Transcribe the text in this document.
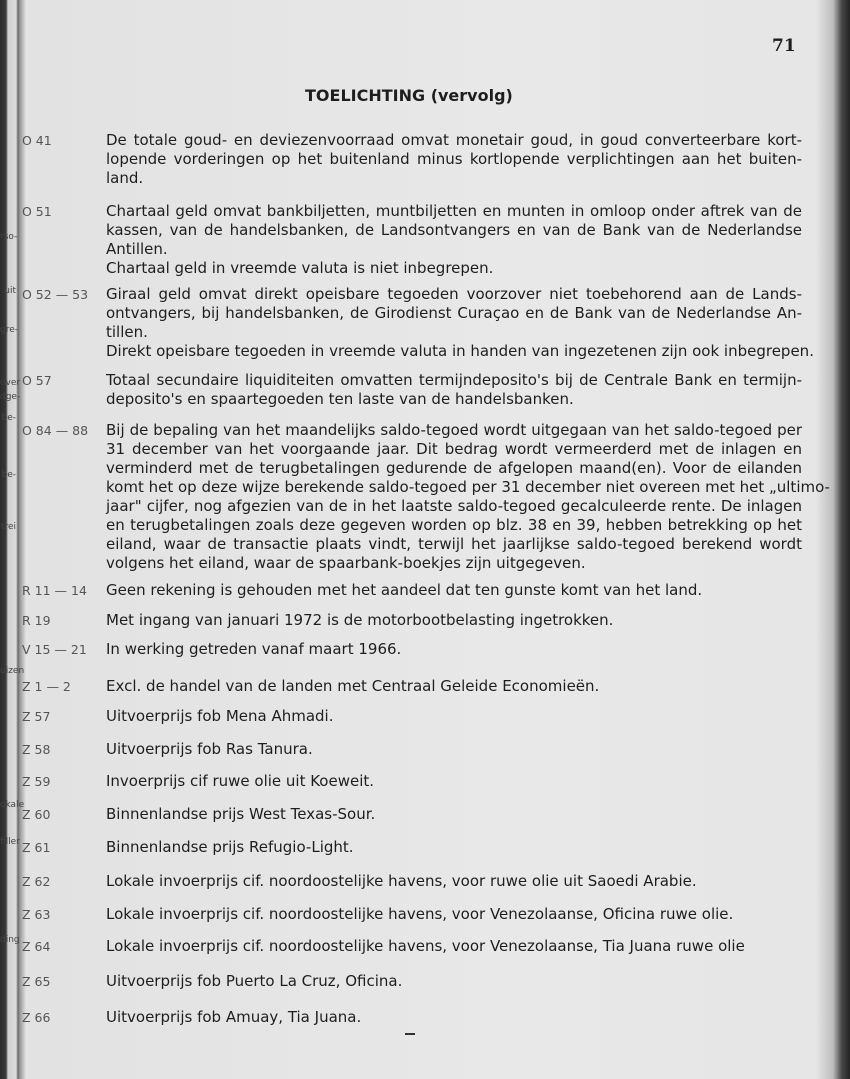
71
TOELICHTING (vervolg)
O 41	De totale goud- en deviezenvoorraad omvat monetair goud, in goud converteerbare kort-
lopende vorderingen op het buitenland minus kortlopende verplichtingen aan het buiten-
land.
O 51	Chartaal geld omvat bankbiljetten, muntbiljetten en munten in omloop onder aftrek van de
kassen, van de handelsbanken, de Landsontvangers en van de Bank van de Nederlandse
Antillen.
Chartaal geld in vreemde valuta is niet inbegrepen.
O 52 — 53	Giraal geld omvat direkt opeisbare tegoeden voorzover niet toebehorend aan de Lands-
ontvangers, bij handelsbanken, de Girodienst Curaçao en de Bank van de Nederlandse An-
tillen.
Direkt opeisbare tegoeden in vreemde valuta in handen van ingezetenen zijn ook inbegrepen.
O 57	Totaal secundaire liquiditeiten omvatten termijndeposito's bij de Centrale Bank en termijn-
deposito's en spaartegoeden ten laste van de handelsbanken.
O 84 — 88	Bij de bepaling van het maandelijks saldo-tegoed wordt uitgegaan van het saldo-tegoed per
31 december van het voorgaande jaar. Dit bedrag wordt vermeerderd met de inlagen en
verminderd met de terugbetalingen gedurende de afgelopen maand(en). Voor de eilanden
komt het op deze wijze berekende saldo-tegoed per 31 december niet overeen met het „ultimo-
jaar" cijfer, nog afgezien van de in het laatste saldo-tegoed gecalculeerde rente. De inlagen
en terugbetalingen zoals deze gegeven worden op blz. 38 en 39, hebben betrekking op het
eiland, waar de transactie plaats vindt, terwijl het jaarlijkse saldo-tegoed berekend wordt
volgens het eiland, waar de spaarbank-boekjes zijn uitgegeven.
R 11 — 14	Geen rekening is gehouden met het aandeel dat ten gunste komt van het land.
R 19	Met ingang van januari 1972 is de motorbootbelasting ingetrokken.
V 15 — 21	In werking getreden vanaf maart 1966.
Z 1 — 2	Excl. de handel van de landen met Centraal Geleide Economieën.
Z 57	Uitvoerprijs fob Mena Ahmadi.
Z 58	Uitvoerprijs fob Ras Tanura.
Z 59	Invoerprijs cif ruwe olie uit Koeweit.
Z 60	Binnenlandse prijs West Texas-Sour.
Z 61	Binnenlandse prijs Refugio-Light.
Z 62	Lokale invoerprijs cif. noordoostelijke havens, voor ruwe olie uit Saoedi Arabie.
Z 63	Lokale invoerprijs cif. noordoostelijke havens, voor Venezolaanse, Oficina ruwe olie.
Z 64	Lokale invoerprijs cif. noordoostelijke havens, voor Venezolaanse, Tia Juana ruwe olie
Z 65	Uitvoerprijs fob Puerto La Cruz, Oficina.
Z 66	Uitvoerprijs fob Amuay, Tia Juana.
rso-
uit
gre-
over
dge-
be-
be-
trei
uizen
okale
filler
ding
